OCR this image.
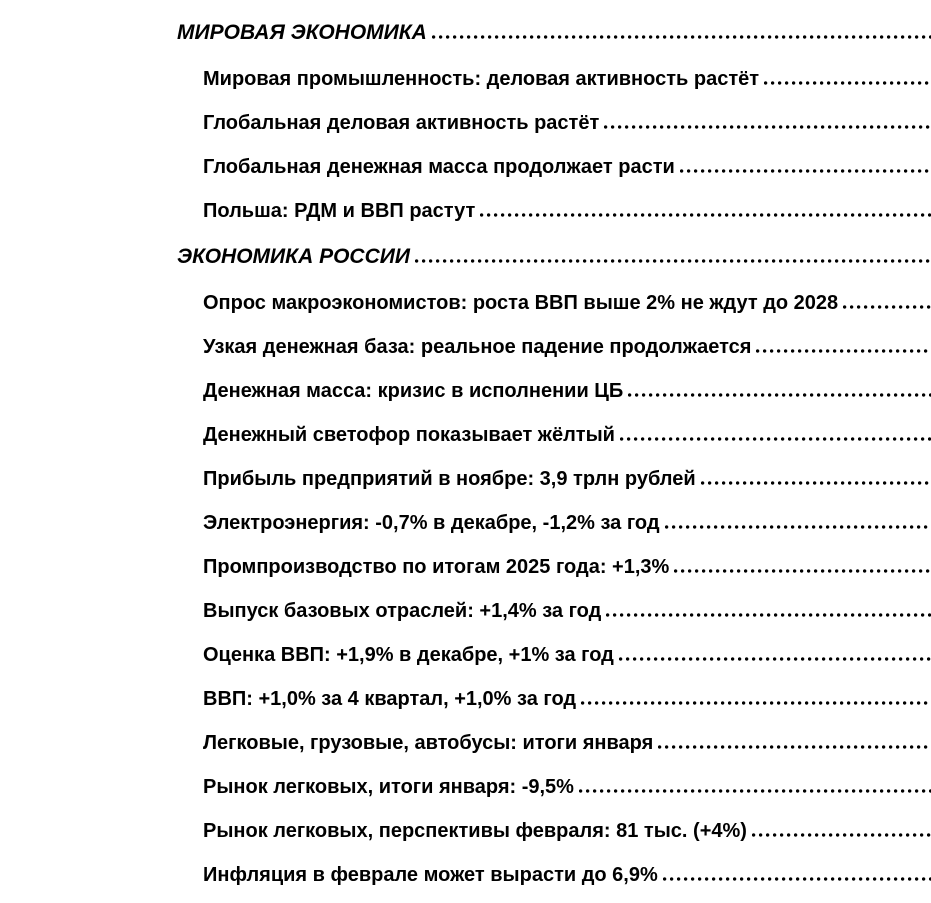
МИРОВАЯ ЭКОНОМИКА
Мировая промышленность: деловая активность растёт
Глобальная деловая активность растёт
Глобальная денежная масса продолжает расти
Польша: РДМ и ВВП растут
ЭКОНОМИКА РОССИИ
Опрос макроэкономистов: роста ВВП выше 2% не ждут до 2028
Узкая денежная база: реальное падение продолжается
Денежная масса: кризис в исполнении ЦБ
Денежный светофор показывает жёлтый
Прибыль предприятий в ноябре: 3,9 трлн рублей
Электроэнергия: -0,7% в декабре, -1,2% за год
Промпроизводство по итогам 2025 года: +1,3%
Выпуск базовых отраслей: +1,4% за год
Оценка ВВП: +1,9% в декабре, +1% за год
ВВП: +1,0% за 4 квартал, +1,0% за год
Легковые, грузовые, автобусы: итоги января
Рынок легковых, итоги января: -9,5%
Рынок легковых, перспективы февраля: 81 тыс. (+4%)
Инфляция в феврале может вырасти до 6,9%
